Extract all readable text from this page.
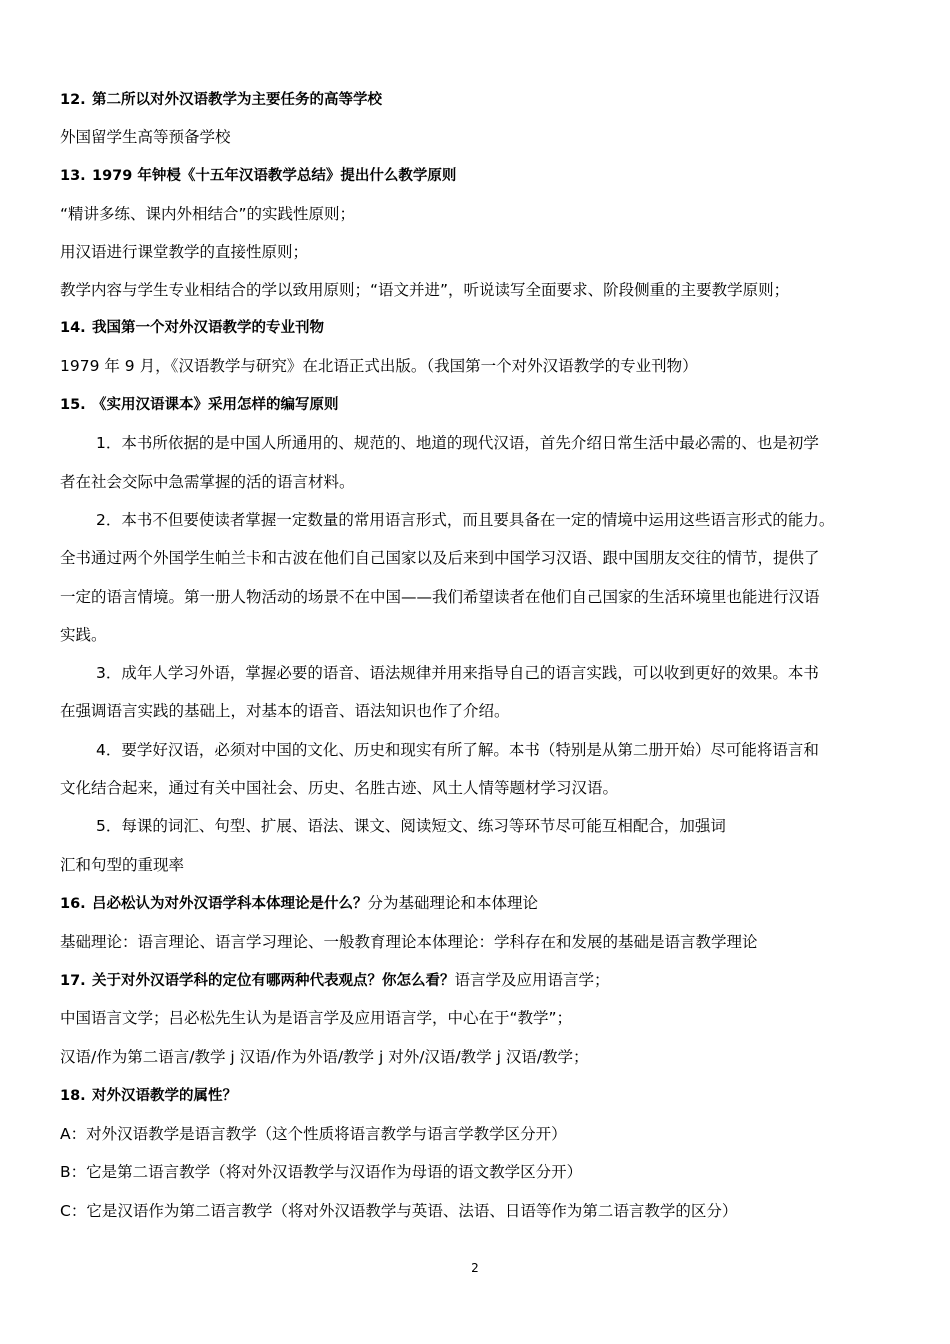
12. 第二所以对外汉语教学为主要任务的高等学校
外国留学生高等预备学校
13. 1979 年钟梫《十五年汉语教学总结》提出什么教学原则
“精讲多练、课内外相结合”的实践性原则；
用汉语进行课堂教学的直接性原则；
教学内容与学生专业相结合的学以致用原则；“语文并进”，听说读写全面要求、阶段侧重的主要教学原则；
14. 我国第一个对外汉语教学的专业刊物
1979 年 9 月，《汉语教学与研究》在北语正式出版。（我国第一个对外汉语教学的专业刊物）
15. 《实用汉语课本》采用怎样的编写原则
1．本书所依据的是中国人所通用的、规范的、地道的现代汉语，首先介绍日常生活中最必需的、也是初学
者在社会交际中急需掌握的活的语言材料。
2．本书不但要使读者掌握一定数量的常用语言形式，而且要具备在一定的情境中运用这些语言形式的能力。
全书通过两个外国学生帕兰卡和古波在他们自己国家以及后来到中国学习汉语、跟中国朋友交往的情节，提供了
一定的语言情境。第一册人物活动的场景不在中国——我们希望读者在他们自己国家的生活环境里也能进行汉语
实践。
3．成年人学习外语，掌握必要的语音、语法规律并用来指导自己的语言实践，可以收到更好的效果。本书
在强调语言实践的基础上，对基本的语音、语法知识也作了介绍。
4．要学好汉语，必须对中国的文化、历史和现实有所了解。本书（特别是从第二册开始）尽可能将语言和
文化结合起来，通过有关中国社会、历史、名胜古迹、风土人情等题材学习汉语。
5．每课的词汇、句型、扩展、语法、课文、阅读短文、练习等环节尽可能互相配合，加强词
汇和句型的重现率
16. 吕必松认为对外汉语学科本体理论是什么？分为基础理论和本体理论
基础理论：语言理论、语言学习理论、一般教育理论本体理论：学科存在和发展的基础是语言教学理论
17. 关于对外汉语学科的定位有哪两种代表观点？你怎么看？语言学及应用语言学；
中国语言文学；吕必松先生认为是语言学及应用语言学，中心在于“教学”；
汉语/作为第二语言/教学 j 汉语/作为外语/教学 j 对外/汉语/教学 j 汉语/教学；
18. 对外汉语教学的属性？
A：对外汉语教学是语言教学（这个性质将语言教学与语言学教学区分开）
B：它是第二语言教学（将对外汉语教学与汉语作为母语的语文教学区分开）
C：它是汉语作为第二语言教学（将对外汉语教学与英语、法语、日语等作为第二语言教学的区分）
2
